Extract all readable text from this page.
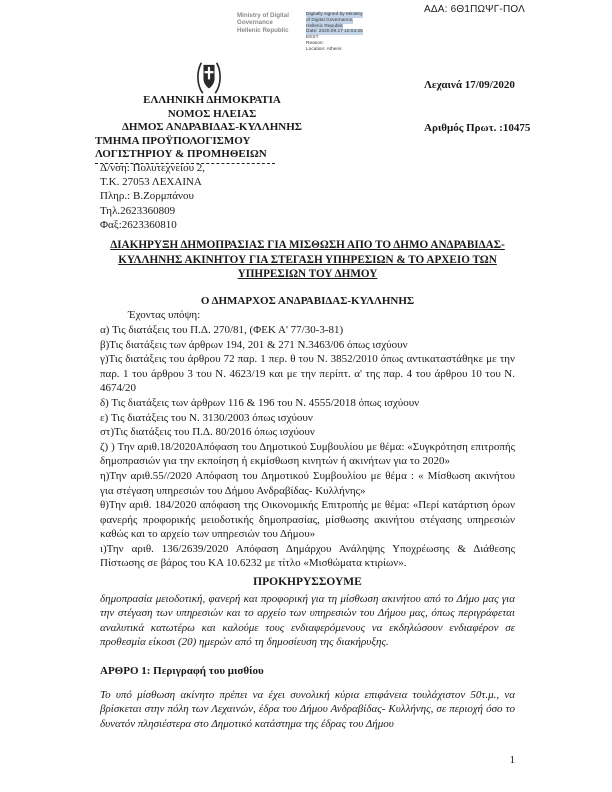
ΑΔΑ: 6Θ1ΠΩΨΓ-ΠΟΛ
Ministry of Digital
Governance
Hellenic Republic
Digitally signed by Ministry
of Digital Governance,
Hellenic Republic
Date: 2020.09.17 10:04:25
EEST
Reason:
Location: Athens
ΕΛΛΗΝΙΚΗ ΔΗΜΟΚΡΑΤΙΑ
ΝΟΜΟΣ ΗΛΕΙΑΣ
ΔΗΜΟΣ ΑΝΔΡΑΒΙΔΑΣ-ΚΥΛΛΗΝΗΣ
ΤΜΗΜΑ ΠΡΟΫΠΟΛΟΓΙΣΜΟΥ
ΛΟΓΙΣΤΗΡΙΟΥ & ΠΡΟΜΗΘΕΙΩΝ
Λεχαινά 17/09/2020
Αριθμός Πρωτ. :10475
Δ/νση: Πολυτεχνείου 2,
Τ.Κ. 27053 ΛΕΧΑΙΝΑ
Πληρ.: Β.Ζορμπάνου
Τηλ.2623360809
Φαξ:2623360810

ΔΙΑΚΗΡΥΞΗ ΔΗΜΟΠΡΑΣΙΑΣ ΓΙΑ ΜΙΣΘΩΣΗ ΑΠΟ ΤΟ ΔΗΜΟ ΑΝΔΡΑΒΙΔΑΣ-ΚΥΛΛΗΝΗΣ ΑΚΙΝΗΤΟΥ ΓΙΑ ΣΤΕΓΑΣΗ ΥΠΗΡΕΣΙΩΝ & ΤΟ ΑΡΧΕΙΟ ΤΩΝ ΥΠΗΡΕΣΙΩΝ ΤΟΥ ΔΗΜΟΥ

Ο ΔΗΜΑΡΧΟΣ ΑΝΔΡΑΒΙΔΑΣ-ΚΥΛΛΗΝΗΣ

Έχοντας υπόψη:

α) Τις διατάξεις του Π.Δ. 270/81, (ΦΕΚ Α' 77/30-3-81)

β)Τις διατάξεις των άρθρων 194, 201 & 271 Ν.3463/06 όπως ισχύουν

γ)Τις διατάξεις του άρθρου 72 παρ. 1 περ. θ του Ν. 3852/2010 όπως αντικαταστάθηκε με την παρ. 1 του άρθρου 3 του Ν. 4623/19 και με την περίπτ. α' της παρ. 4 του άρθρου 10 του Ν. 4674/20

δ) Τις διατάξεις των άρθρων 116 & 196 του Ν. 4555/2018 όπως ισχύουν

ε) Τις διατάξεις του Ν. 3130/2003 όπως ισχύουν

στ)Τις διατάξεις του Π.Δ. 80/2016 όπως ισχύουν

ζ) ) Την αριθ.18/2020Απόφαση του Δημοτικού Συμβουλίου με θέμα: «Συγκρότηση επιτροπής δημοπρασιών για την εκποίηση ή εκμίσθωση κινητών ή ακινήτων για το 2020»

η)Την αριθ.55//2020 Απόφαση του Δημοτικού Συμβουλίου με θέμα : « Μίσθωση ακινήτου για στέγαση υπηρεσιών του Δήμου Ανδραβίδας- Κυλλήνης»

θ)Την αριθ. 184/2020 απόφαση της Οικονομικής Επιτροπής με θέμα: «Περί κατάρτιση όρων φανερής προφορικής μειοδοτικής δημοπρασίας, μίσθωσης ακινήτου στέγασης υπηρεσιών καθώς και το αρχείο των υπηρεσιών του Δήμου»

ι)Την αριθ. 136/2639/2020 Απόφαση Δημάρχου Ανάληψης Υποχρέωσης & Διάθεσης Πίστωσης σε βάρος του ΚΑ 10.6232 με τίτλο «Μισθώματα κτιρίων».

ΠΡΟΚΗΡΥΣΣΟΥΜΕ

δημοπρασία μειοδοτική, φανερή και προφορική για τη μίσθωση ακινήτου από το Δήμο μας για την στέγαση των υπηρεσιών και το αρχείο των υπηρεσιών του Δήμου μας, όπως περιγράφεται αναλυτικά κατωτέρω και καλούμε τους ενδιαφερόμενους να εκδηλώσουν ενδιαφέρον σε προθεσμία είκοσι (20) ημερών από τη δημοσίευση της διακήρυξης.

ΑΡΘΡΟ 1: Περιγραφή του μισθίου

Το υπό μίσθωση ακίνητο πρέπει να έχει συνολική κύρια επιφάνεια τουλάχιστον 50τ.μ., να βρίσκεται στην πόλη των Λεχαινών, έδρα του Δήμου Ανδραβίδας- Κυλλήνης, σε περιοχή όσο το δυνατόν πλησιέστερα στο Δημοτικό κατάστημα της έδρας του Δήμου

1
